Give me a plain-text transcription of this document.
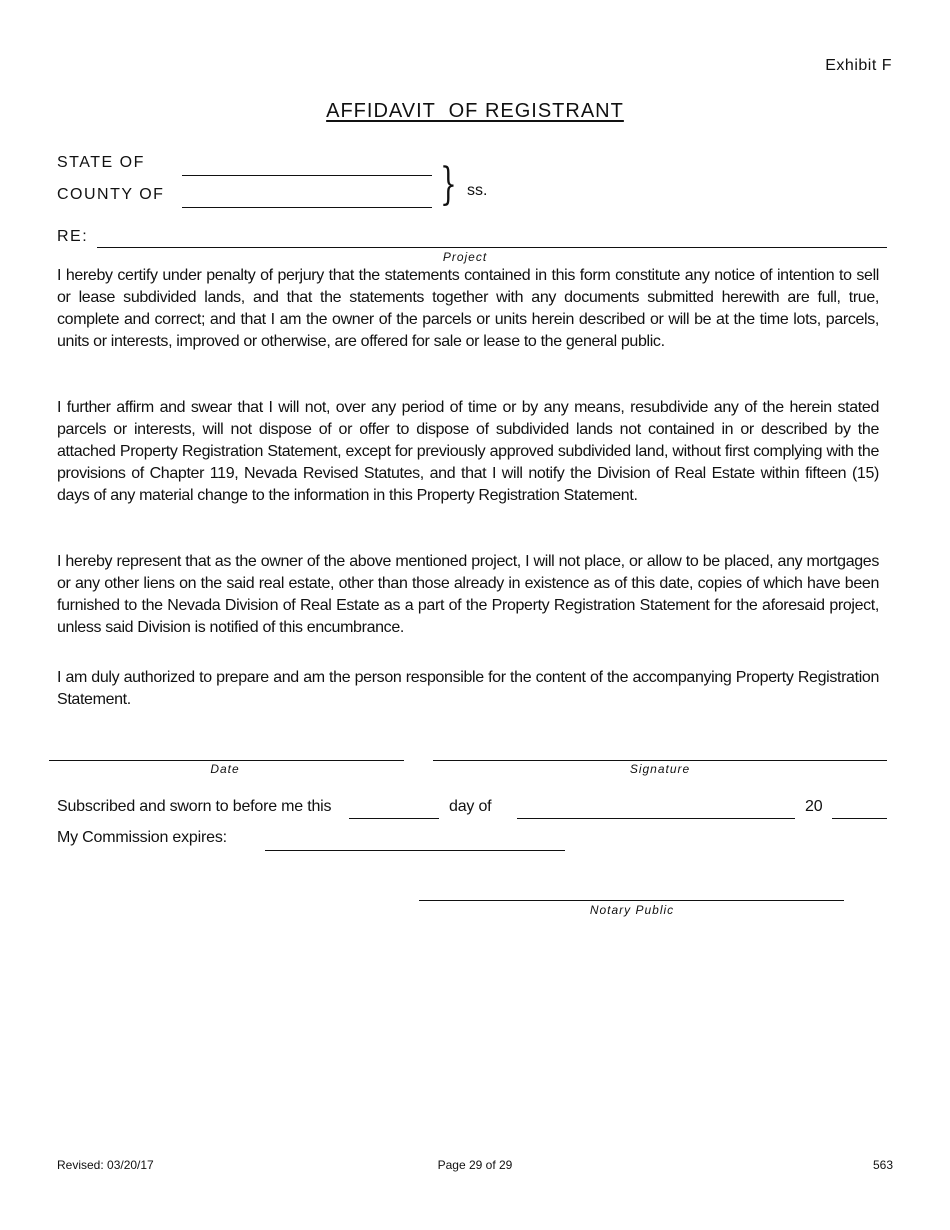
Exhibit F
AFFIDAVIT  OF REGISTRANT
STATE OF
COUNTY OF	} ss.
RE:
Project

I hereby certify under penalty of perjury that the statements contained in this form constitute any notice of intention to sell or lease subdivided lands, and that the statements together with any documents submitted herewith are full, true, complete and correct; and that I am the owner of the parcels or units herein described or will be at the time lots, parcels, units or interests, improved or otherwise, are offered for sale or lease to the general public.

I further affirm and swear that I will not, over any period of time or by any means, resubdivide any of the herein stated parcels or interests, will not dispose of or offer to dispose of subdivided lands not contained in or described by the attached Property Registration Statement, except for previously approved subdivided land, without first complying with the provisions of Chapter 119, Nevada Revised Statutes, and that I will notify the Division of Real Estate within fifteen (15) days of any material change to the information in this Property Registration Statement.

I hereby represent that as the owner of the above mentioned project, I will not place, or allow to be placed, any mortgages or any other liens on the said real estate, other than those already in existence as of this date, copies of which have been furnished to the Nevada Division of Real Estate as a part of the Property Registration Statement for the aforesaid project, unless said Division is notified of this encumbrance.

I am duly authorized to prepare and am the person responsible for the content of the accompanying Property Registration Statement.

Date	Signature
Subscribed and sworn to before me this	day of	20
My Commission expires:
Notary Public
Revised: 03/20/17	Page 29 of 29	563
